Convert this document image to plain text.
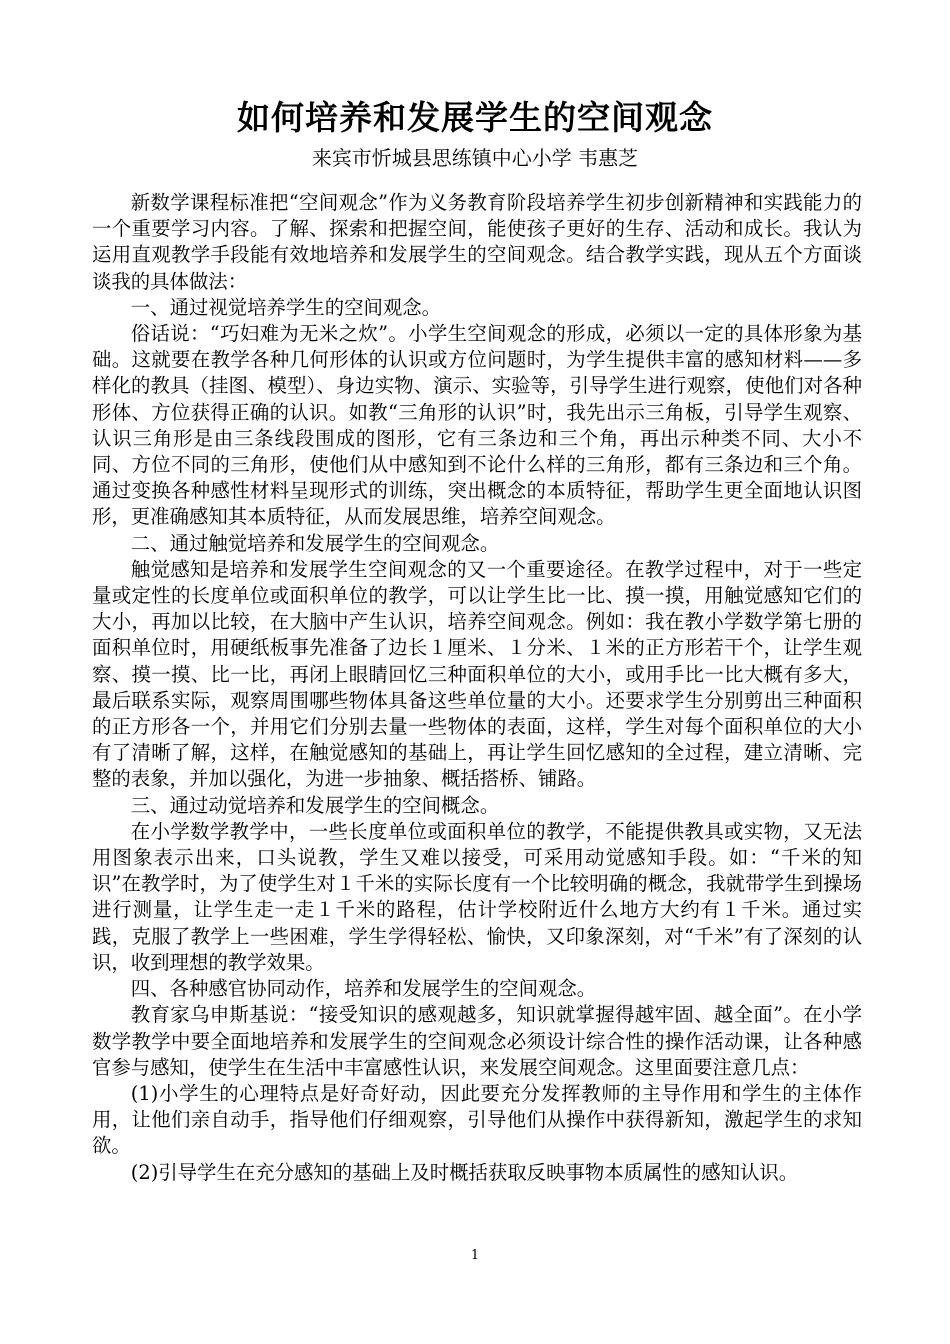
如何培养和发展学生的空间观念
来宾市忻城县思练镇中心小学 韦惠芝

新数学课程标准把“空间观念”作为义务教育阶段培养学生初步创新精神和实践能力的一个重要学习内容。了解、探索和把握空间，能使孩子更好的生存、活动和成长。我认为运用直观教学手段能有效地培养和发展学生的空间观念。结合教学实践，现从五个方面谈谈我的具体做法：

一、通过视觉培养学生的空间观念。

俗话说：“巧妇难为无米之炊”。小学生空间观念的形成，必须以一定的具体形象为基础。这就要在教学各种几何形体的认识或方位问题时，为学生提供丰富的感知材料——多样化的教具（挂图、模型）、身边实物、演示、实验等，引导学生进行观察，使他们对各种形体、方位获得正确的认识。如教“三角形的认识”时，我先出示三角板，引导学生观察、认识三角形是由三条线段围成的图形，它有三条边和三个角，再出示种类不同、大小不同、方位不同的三角形，使他们从中感知到不论什么样的三角形，都有三条边和三个角。通过变换各种感性材料呈现形式的训练，突出概念的本质特征，帮助学生更全面地认识图形，更准确感知其本质特征，从而发展思维，培养空间观念。

二、通过触觉培养和发展学生的空间观念。

触觉感知是培养和发展学生空间观念的又一个重要途径。在教学过程中，对于一些定量或定性的长度单位或面积单位的教学，可以让学生比一比、摸一摸，用触觉感知它们的大小，再加以比较，在大脑中产生认识，培养空间观念。例如：我在教小学数学第七册的面积单位时，用硬纸板事先准备了边长１厘米、１分米、１米的正方形若干个，让学生观察、摸一摸、比一比，再闭上眼睛回忆三种面积单位的大小，或用手比一比大概有多大，最后联系实际，观察周围哪些物体具备这些单位量的大小。还要求学生分别剪出三种面积的正方形各一个，并用它们分别去量一些物体的表面，这样，学生对每个面积单位的大小有了清晰了解，这样，在触觉感知的基础上，再让学生回忆感知的全过程，建立清晰、完整的表象，并加以强化，为进一步抽象、概括搭桥、铺路。

三、通过动觉培养和发展学生的空间概念。

在小学数学教学中，一些长度单位或面积单位的教学，不能提供教具或实物，又无法用图象表示出来，口头说教，学生又难以接受，可采用动觉感知手段。如：“千米的知识”在教学时，为了使学生对１千米的实际长度有一个比较明确的概念，我就带学生到操场进行测量，让学生走一走１千米的路程，估计学校附近什么地方大约有１千米。通过实践，克服了教学上一些困难，学生学得轻松、愉快，又印象深刻，对“千米”有了深刻的认识，收到理想的教学效果。

四、各种感官协同动作，培养和发展学生的空间观念。

教育家乌申斯基说：“接受知识的感观越多，知识就掌握得越牢固、越全面”。在小学数学教学中要全面地培养和发展学生的空间观念必须设计综合性的操作活动课，让各种感官参与感知，使学生在生活中丰富感性认识，来发展空间观念。这里面要注意几点：

(1)小学生的心理特点是好奇好动，因此要充分发挥教师的主导作用和学生的主体作用，让他们亲自动手，指导他们仔细观察，引导他们从操作中获得新知，激起学生的求知欲。

(2)引导学生在充分感知的基础上及时概括获取反映事物本质属性的感知认识。

1
